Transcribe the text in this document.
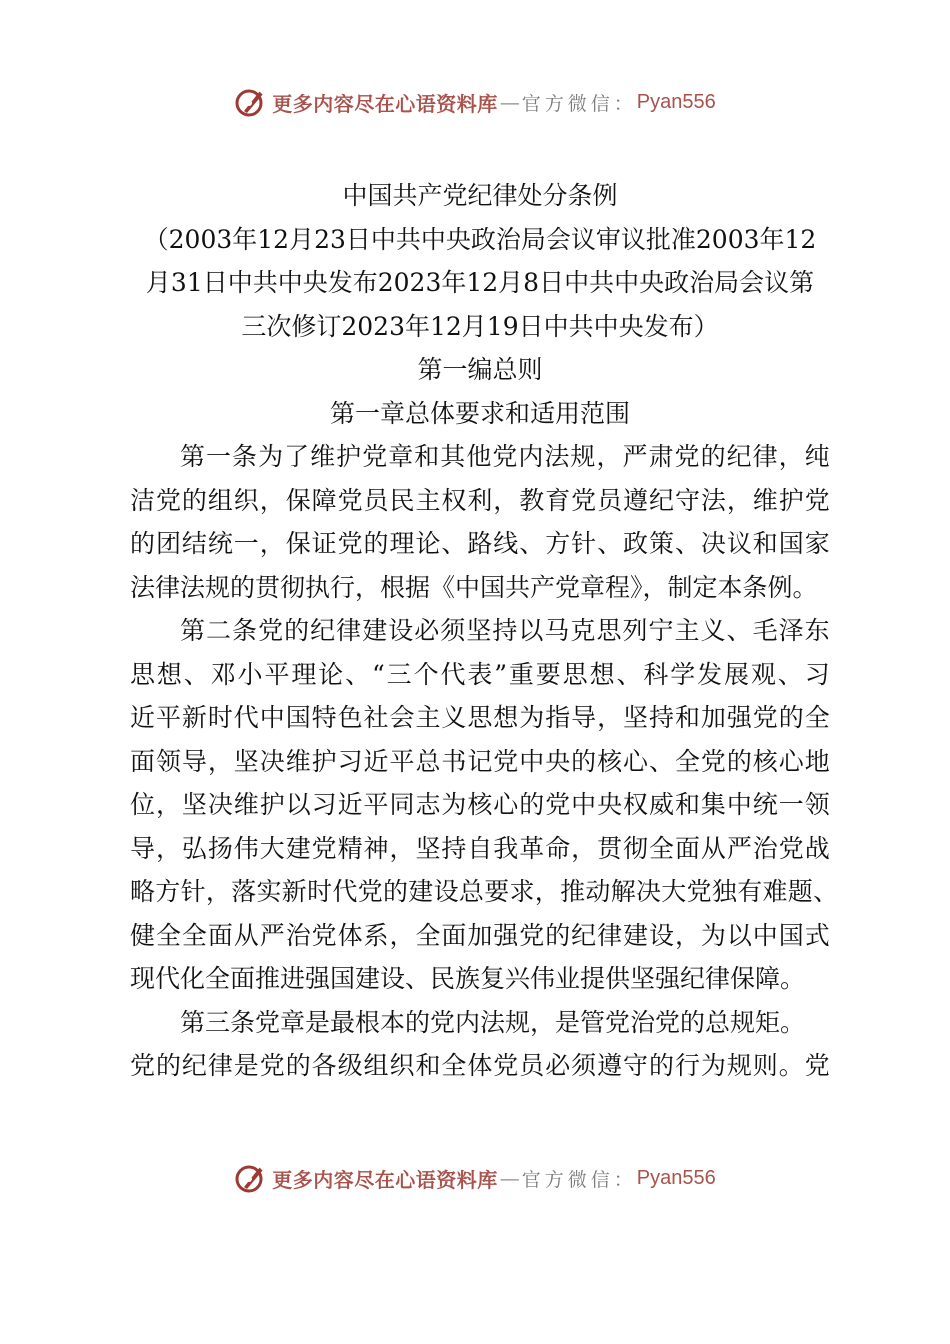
更多内容尽在心语资料库 — 官方微信： Pyan556
中国共产党纪律处分条例
（2003年12月23日中共中央政治局会议审议批准2003年12
月31日中共中央发布2023年12月8日中共中央政治局会议第
三次修订2023年12月19日中共中央发布）
第一编总则
第一章总体要求和适用范围
第一条为了维护党章和其他党内法规，严肃党的纪律，纯
洁党的组织，保障党员民主权利，教育党员遵纪守法，维护党
的团结统一，保证党的理论、路线、方针、政策、决议和国家
法律法规的贯彻执行，根据《中国共产党章程》，制定本条例。
第二条党的纪律建设必须坚持以马克思列宁主义、毛泽东
思想、邓小平理论、“三个代表”重要思想、科学发展观、习
近平新时代中国特色社会主义思想为指导，坚持和加强党的全
面领导，坚决维护习近平总书记党中央的核心、全党的核心地
位，坚决维护以习近平同志为核心的党中央权威和集中统一领
导，弘扬伟大建党精神，坚持自我革命，贯彻全面从严治党战
略方针，落实新时代党的建设总要求，推动解决大党独有难题、
健全全面从严治党体系，全面加强党的纪律建设，为以中国式
现代化全面推进强国建设、民族复兴伟业提供坚强纪律保障。
第三条党章是最根本的党内法规，是管党治党的总规矩。
党的纪律是党的各级组织和全体党员必须遵守的行为规则。党
更多内容尽在心语资料库 — 官方微信： Pyan556
